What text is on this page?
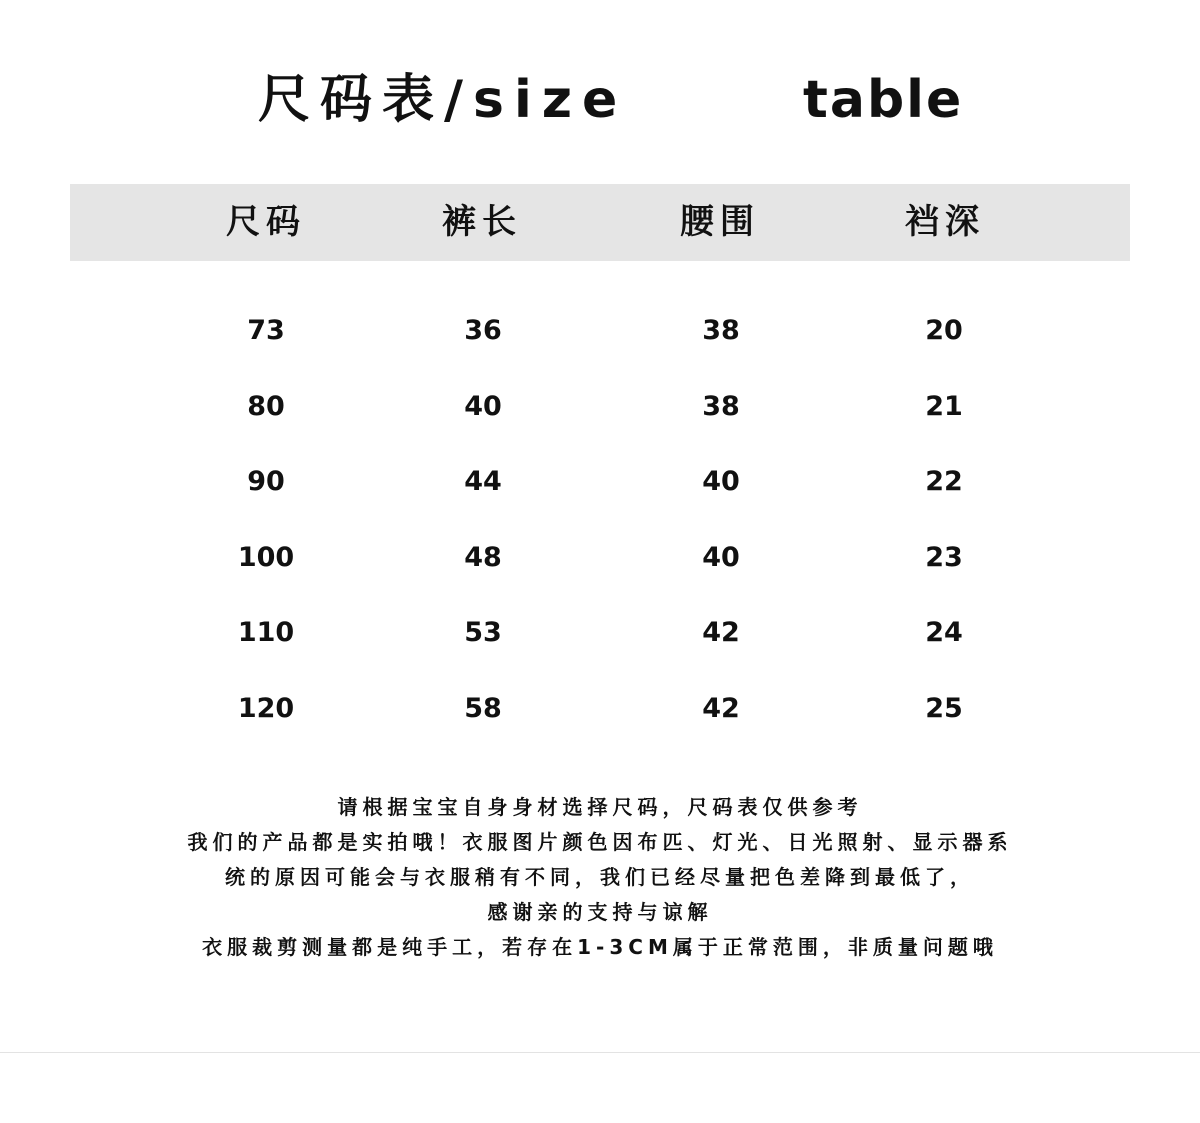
尺码表/size	table
尺码	裤长	腰围	裆深
73	36	38	20
80	40	38	21
90	44	40	22
100	48	40	23
110	53	42	24
120	58	42	25
请根据宝宝自身身材选择尺码，尺码表仅供参考
我们的产品都是实拍哦！衣服图片颜色因布匹、灯光、日光照射、显示器系
统的原因可能会与衣服稍有不同，我们已经尽量把色差降到最低了，
感谢亲的支持与谅解
衣服裁剪测量都是纯手工，若存在1-3CM属于正常范围，非质量问题哦
